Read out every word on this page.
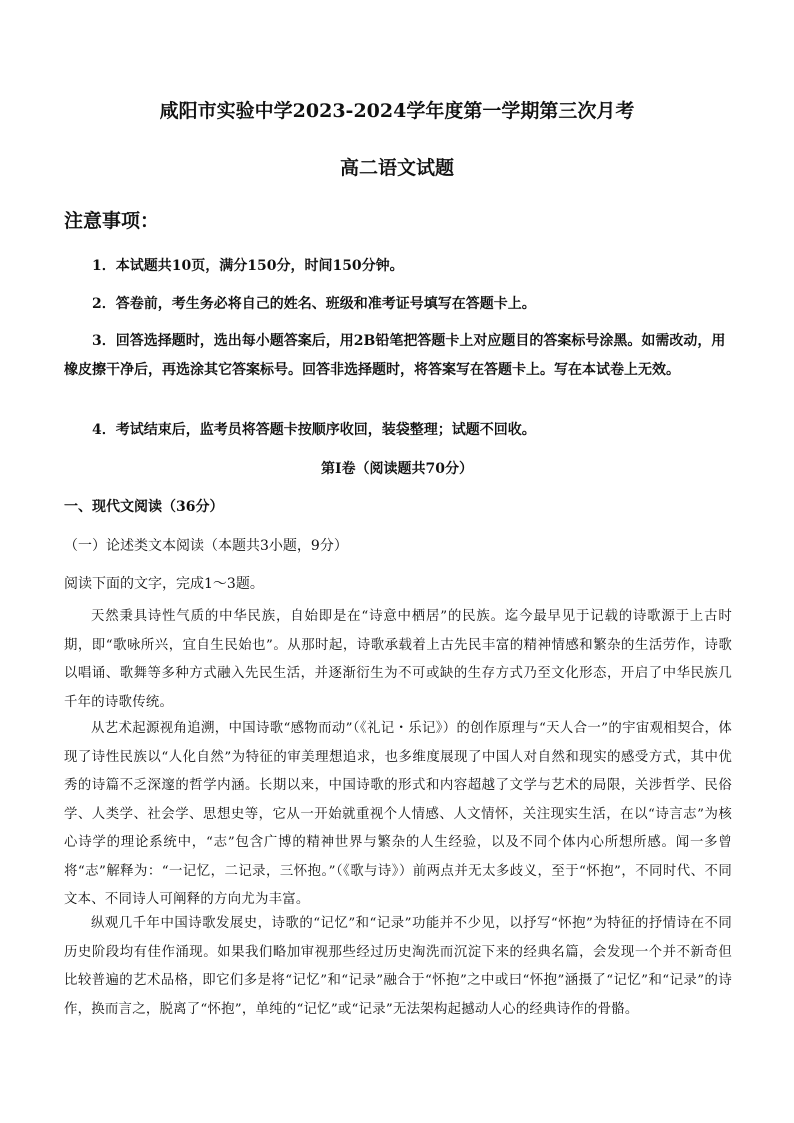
咸阳市实验中学2023-2024学年度第一学期第三次月考
高二语文试题
注意事项：
1．本试题共10页，满分150分，时间150分钟。
2．答卷前，考生务必将自己的姓名、班级和准考证号填写在答题卡上。
3．回答选择题时，选出每小题答案后，用2B铅笔把答题卡上对应题目的答案标号涂黑。如需改动，用橡皮擦干净后，再选涂其它答案标号。回答非选择题时，将答案写在答题卡上。写在本试卷上无效。
4．考试结束后，监考员将答题卡按顺序收回，装袋整理；试题不回收。
第Ⅰ卷（阅读题共70分）
一、现代文阅读（36分）
（一）论述类文本阅读（本题共3小题，9分）
阅读下面的文字，完成1～3题。
天然秉具诗性气质的中华民族，自始即是在“诗意中栖居”的民族。迄今最早见于记载的诗歌源于上古时期，即“歌咏所兴，宜自生民始也”。从那时起，诗歌承载着上古先民丰富的精神情感和繁杂的生活劳作，诗歌以唱诵、歌舞等多种方式融入先民生活，并逐渐衍生为不可或缺的生存方式乃至文化形态，开启了中华民族几千年的诗歌传统。
从艺术起源视角追溯，中国诗歌“感物而动”（《礼记・乐记》）的创作原理与“天人合一”的宇宙观相契合，体现了诗性民族以“人化自然”为特征的审美理想追求，也多维度展现了中国人对自然和现实的感受方式，其中优秀的诗篇不乏深邃的哲学内涵。长期以来，中国诗歌的形式和内容超越了文学与艺术的局限，关涉哲学、民俗学、人类学、社会学、思想史等，它从一开始就重视个人情感、人文情怀，关注现实生活，在以“诗言志”为核心诗学的理论系统中，“志”包含广博的精神世界与繁杂的人生经验，以及不同个体内心所想所感。闻一多曾将“志”解释为：“一记忆，二记录，三怀抱。”（《歌与诗》）前两点并无太多歧义，至于“怀抱”，不同时代、不同文本、不同诗人可阐释的方向尤为丰富。
纵观几千年中国诗歌发展史，诗歌的“记忆”和“记录”功能并不少见，以抒写“怀抱”为特征的抒情诗在不同历史阶段均有佳作涌现。如果我们略加审视那些经过历史淘洗而沉淀下来的经典名篇，会发现一个并不新奇但比较普遍的艺术品格，即它们多是将“记忆”和“记录”融合于“怀抱”之中或曰“怀抱”涵摄了“记忆”和“记录”的诗作，换而言之，脱离了“怀抱”，单纯的“记忆”或“记录”无法架构起撼动人心的经典诗作的骨骼。
